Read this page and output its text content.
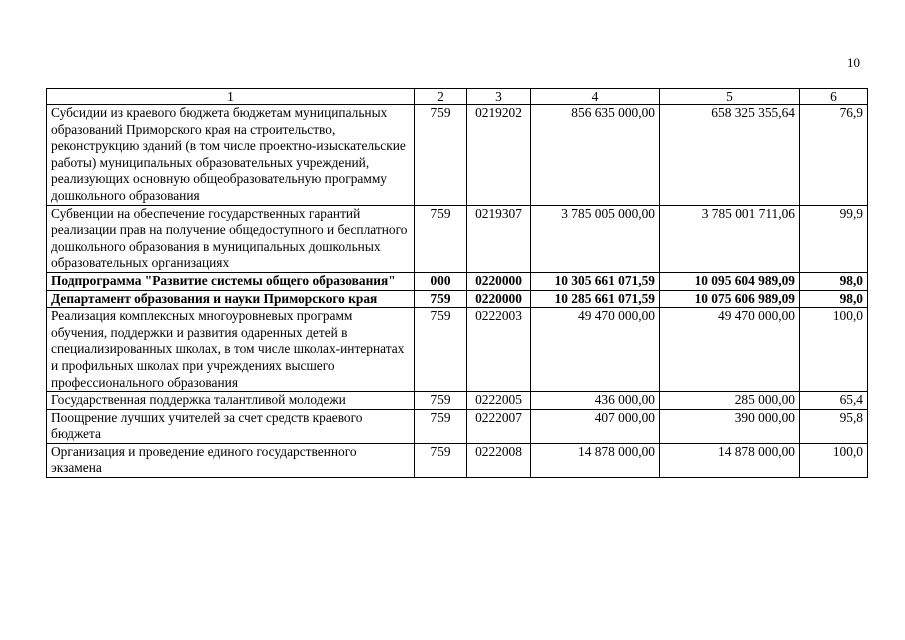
10
1	2	3	4	5	6
Субсидии из краевого бюджета бюджетам муниципальных образований Приморского края на строительство, реконструкцию зданий (в том числе проектно-изыскательские работы) муниципальных образовательных учреждений, реализующих основную общеобразовательную программу дошкольного образования	759	0219202	856 635 000,00	658 325 355,64	76,9
Субвенции на обеспечение государственных гарантий реализации прав на получение общедоступного и бесплатного дошкольного образования в муниципальных дошкольных образовательных организациях	759	0219307	3 785 005 000,00	3 785 001 711,06	99,9
Подпрограмма "Развитие системы общего образования"	000	0220000	10 305 661 071,59	10 095 604 989,09	98,0
Департамент образования и науки Приморского края	759	0220000	10 285 661 071,59	10 075 606 989,09	98,0
Реализация комплексных многоуровневых программ обучения, поддержки и развития одаренных детей в специализированных школах, в том числе школах-интернатах и профильных школах при учреждениях высшего профессионального образования	759	0222003	49 470 000,00	49 470 000,00	100,0
Государственная поддержка талантливой молодежи	759	0222005	436 000,00	285 000,00	65,4
Поощрение лучших учителей за счет средств краевого бюджета	759	0222007	407 000,00	390 000,00	95,8
Организация и проведение единого государственного экзамена	759	0222008	14 878 000,00	14 878 000,00	100,0
